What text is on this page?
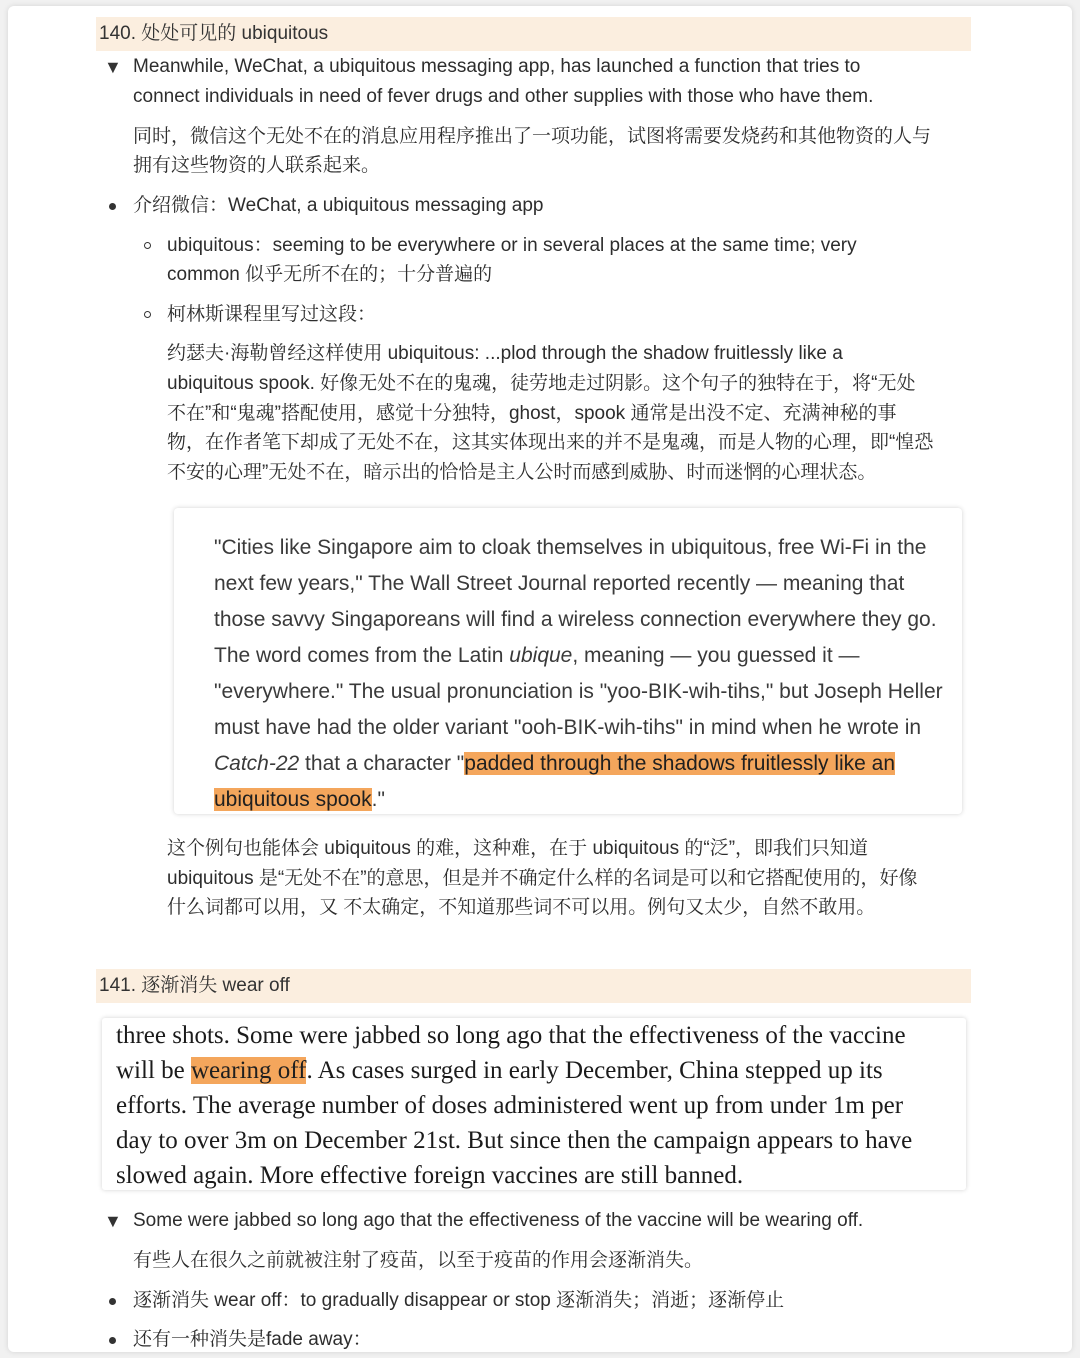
140. 处处可见的 ubiquitous
▼ Meanwhile, WeChat, a ubiquitous messaging app, has launched a function that tries to
connect individuals in need of fever drugs and other supplies with those who have them.
同时，微信这个无处不在的消息应用程序推出了一项功能，试图将需要发烧药和其他物资的人与
拥有这些物资的人联系起来。
介绍微信：WeChat, a ubiquitous messaging app
ubiquitous：seeming to be everywhere or in several places at the same time; very
common 似乎无所不在的；十分普遍的
柯林斯课程里写过这段：
约瑟夫·海勒曾经这样使用 ubiquitous: ...plod through the shadow fruitlessly like a
ubiquitous spook. 好像无处不在的鬼魂，徒劳地走过阴影。这个句子的独特在于，将“无处
不在”和“鬼魂”搭配使用，感觉十分独特，ghost，spook 通常是出没不定、充满神秘的事
物，在作者笔下却成了无处不在，这其实体现出来的并不是鬼魂，而是人物的心理，即“惶恐
不安的心理”无处不在，暗示出的恰恰是主人公时而感到威胁、时而迷惘的心理状态。
"Cities like Singapore aim to cloak themselves in ubiquitous, free Wi-Fi in the
next few years," The Wall Street Journal reported recently — meaning that
those savvy Singaporeans will find a wireless connection everywhere they go.
The word comes from the Latin ubique, meaning — you guessed it —
"everywhere." The usual pronunciation is "yoo-BIK-wih-tihs," but Joseph Heller
must have had the older variant "ooh-BIK-wih-tihs" in mind when he wrote in
Catch-22 that a character "padded through the shadows fruitlessly like an
ubiquitous spook."
这个例句也能体会 ubiquitous 的难，这种难，在于 ubiquitous 的“泛”，即我们只知道
ubiquitous 是“无处不在”的意思，但是并不确定什么样的名词是可以和它搭配使用的，好像
什么词都可以用，又 不太确定，不知道那些词不可以用。例句又太少，自然不敢用。
141. 逐渐消失 wear off
three shots. Some were jabbed so long ago that the effectiveness of the vaccine
will be wearing off. As cases surged in early December, China stepped up its
efforts. The average number of doses administered went up from under 1m per
day to over 3m on December 21st. But since then the campaign appears to have
slowed again. More effective foreign vaccines are still banned.
▼ Some were jabbed so long ago that the effectiveness of the vaccine will be wearing off.
有些人在很久之前就被注射了疫苗，以至于疫苗的作用会逐渐消失。
逐渐消失 wear off：to gradually disappear or stop 逐渐消失；消逝；逐渐停止
还有一种消失是fade away：
